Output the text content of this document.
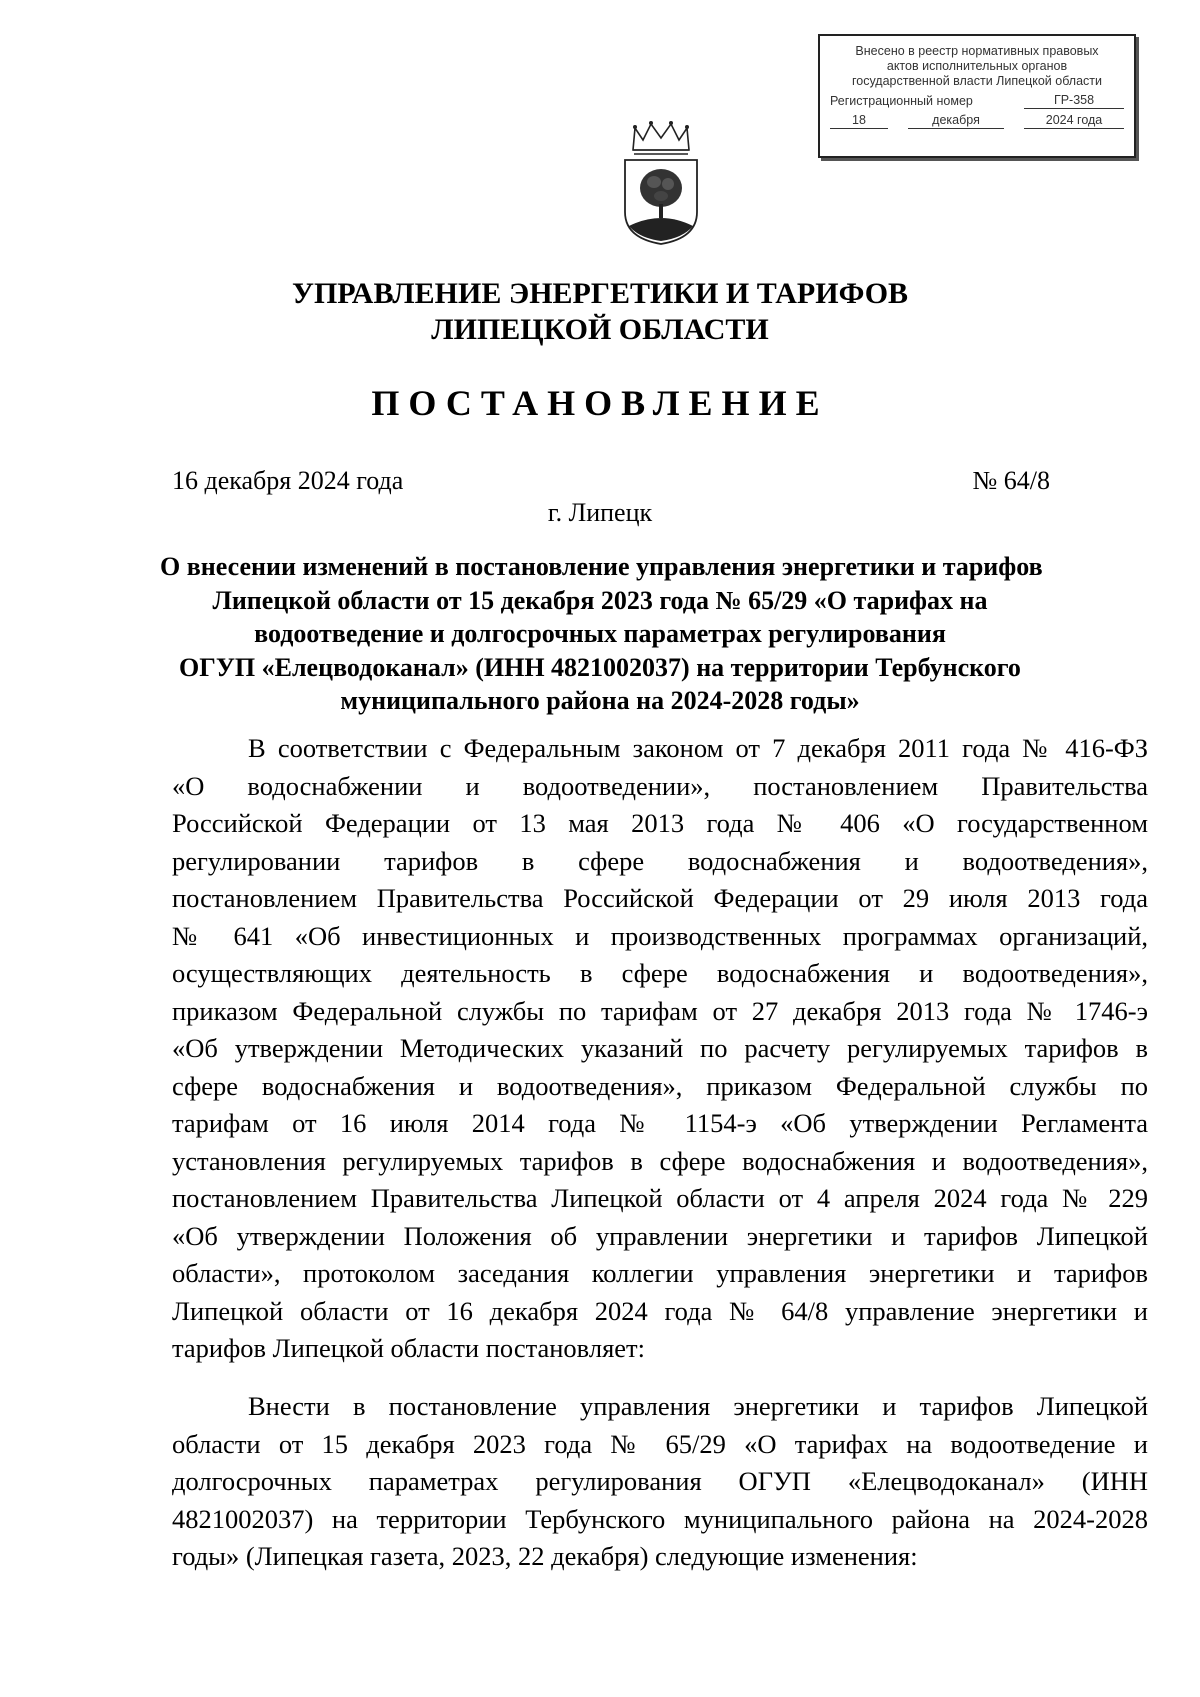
Внесено в реестр нормативных правовых
актов исполнительных органов
государственной власти Липецкой области
Регистрационный номер	ГР-358
18	декабря	2024 года
УПРАВЛЕНИЕ ЭНЕРГЕТИКИ И ТАРИФОВ
ЛИПЕЦКОЙ ОБЛАСТИ
ПОСТАНОВЛЕНИЕ
16 декабря 2024 года	№ 64/8
г. Липецк
О внесении изменений в постановление управления энергетики и тарифов
Липецкой области от 15 декабря 2023 года № 65/29 «О тарифах на
водоотведение и долгосрочных параметрах регулирования
ОГУП «Елецводоканал» (ИНН 4821002037) на территории Тербунского
муниципального района на 2024-2028 годы»
В соответствии с Федеральным законом от 7 декабря 2011 года № 416-ФЗ
«О водоснабжении и водоотведении», постановлением Правительства
Российской Федерации от 13 мая 2013 года № 406 «О государственном
регулировании тарифов в сфере водоснабжения и водоотведения»,
постановлением Правительства Российской Федерации от 29 июля 2013 года
№ 641 «Об инвестиционных и производственных программах организаций,
осуществляющих деятельность в сфере водоснабжения и водоотведения»,
приказом Федеральной службы по тарифам от 27 декабря 2013 года № 1746-э
«Об утверждении Методических указаний по расчету регулируемых тарифов в
сфере водоснабжения и водоотведения», приказом Федеральной службы по
тарифам от 16 июля 2014 года № 1154-э «Об утверждении Регламента
установления регулируемых тарифов в сфере водоснабжения и водоотведения»,
постановлением Правительства Липецкой области от 4 апреля 2024 года № 229
«Об утверждении Положения об управлении энергетики и тарифов Липецкой
области», протоколом заседания коллегии управления энергетики и тарифов
Липецкой области от 16 декабря 2024 года № 64/8 управление энергетики и
тарифов Липецкой области постановляет:
Внести в постановление управления энергетики и тарифов Липецкой
области от 15 декабря 2023 года № 65/29 «О тарифах на водоотведение и
долгосрочных параметрах регулирования ОГУП «Елецводоканал» (ИНН
4821002037) на территории Тербунского муниципального района на 2024-2028
годы» (Липецкая газета, 2023, 22 декабря) следующие изменения:
